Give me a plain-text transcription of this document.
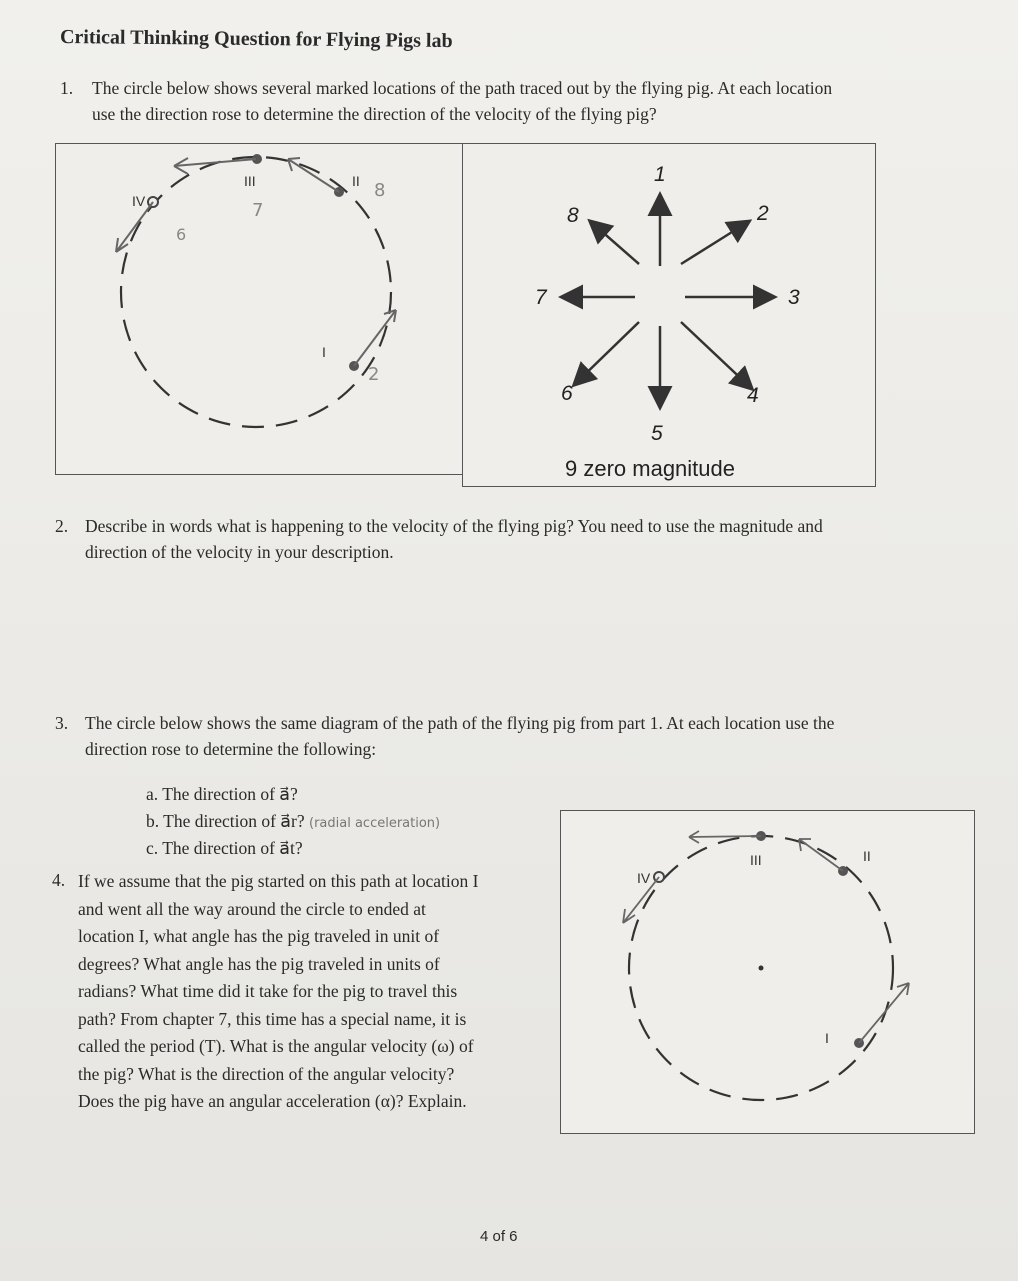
Critical Thinking Question for Flying Pigs lab
1. The circle below shows several marked locations of the path traced out by the flying pig. At each location
use the direction rose to determine the direction of the velocity of the flying pig?
III	II
IV
I
6
7
8
2
1
2
3
4
5
6
7
8
9 zero magnitude
2. Describe in words what is happening to the velocity of the flying pig? You need to use the magnitude and
direction of the velocity in your description.
3. The circle below shows the same diagram of the path of the flying pig from part 1. At each location use the
direction rose to determine the following:
a. The direction of a⃗?
b. The direction of a⃗r? (radial acceleration)
c. The direction of a⃗t?
4. If we assume that the pig started on this path at location I
and went all the way around the circle to ended at
location I, what angle has the pig traveled in unit of
degrees? What angle has the pig traveled in units of
radians? What time did it take for the pig to travel this
path? From chapter 7, this time has a special name, it is
called the period (T). What is the angular velocity (ω) of
the pig? What is the direction of the angular velocity?
Does the pig have an angular acceleration (α)? Explain.
III	II
IV
I
4 of 6
